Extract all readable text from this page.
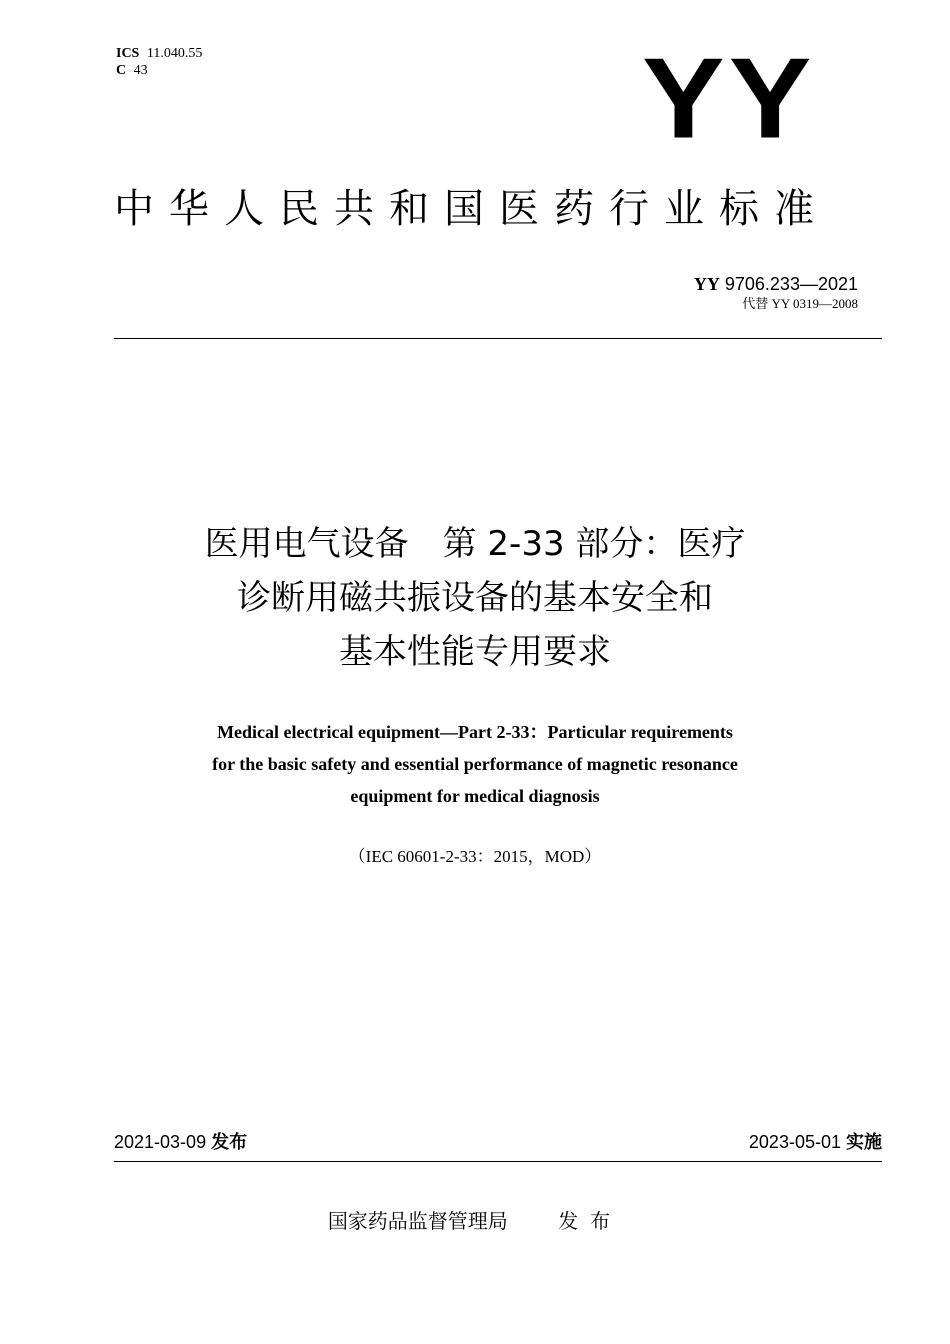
ICS 11.040.55
C 43	YY
中华人民共和国医药行业标准
YY 9706.233—2021
代替 YY 0319—2008
医用电气设备　第 2-33 部分：医疗
诊断用磁共振设备的基本安全和
基本性能专用要求
Medical electrical equipment—Part 2-33：Particular requirements
for the basic safety and essential performance of magnetic resonance
equipment for medical diagnosis
（IEC 60601-2-33：2015，MOD）
2021-03-09 发布	2023-05-01 实施
国家药品监督管理局	发布
